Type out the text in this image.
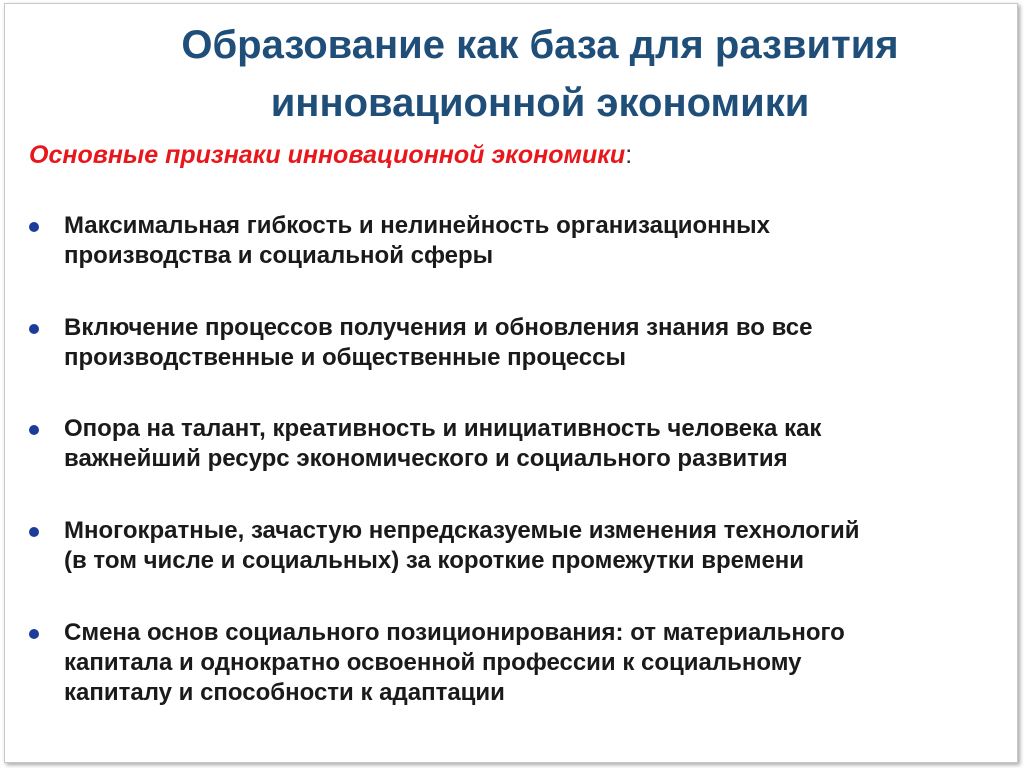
Образование как база для развития
инновационной экономики

Основные признаки инновационной экономики:

Максимальная гибкость и нелинейность организационных
производства и социальной сферы
Включение процессов получения и обновления знания во все
производственные и общественные процессы
Опора на талант, креативность и инициативность человека как
важнейший ресурс экономического и социального развития
Многократные, зачастую непредсказуемые изменения технологий
(в том числе и социальных) за короткие промежутки времени
Смена основ социального позиционирования: от материального
капитала и однократно освоенной профессии к социальному
капиталу и способности к адаптации
